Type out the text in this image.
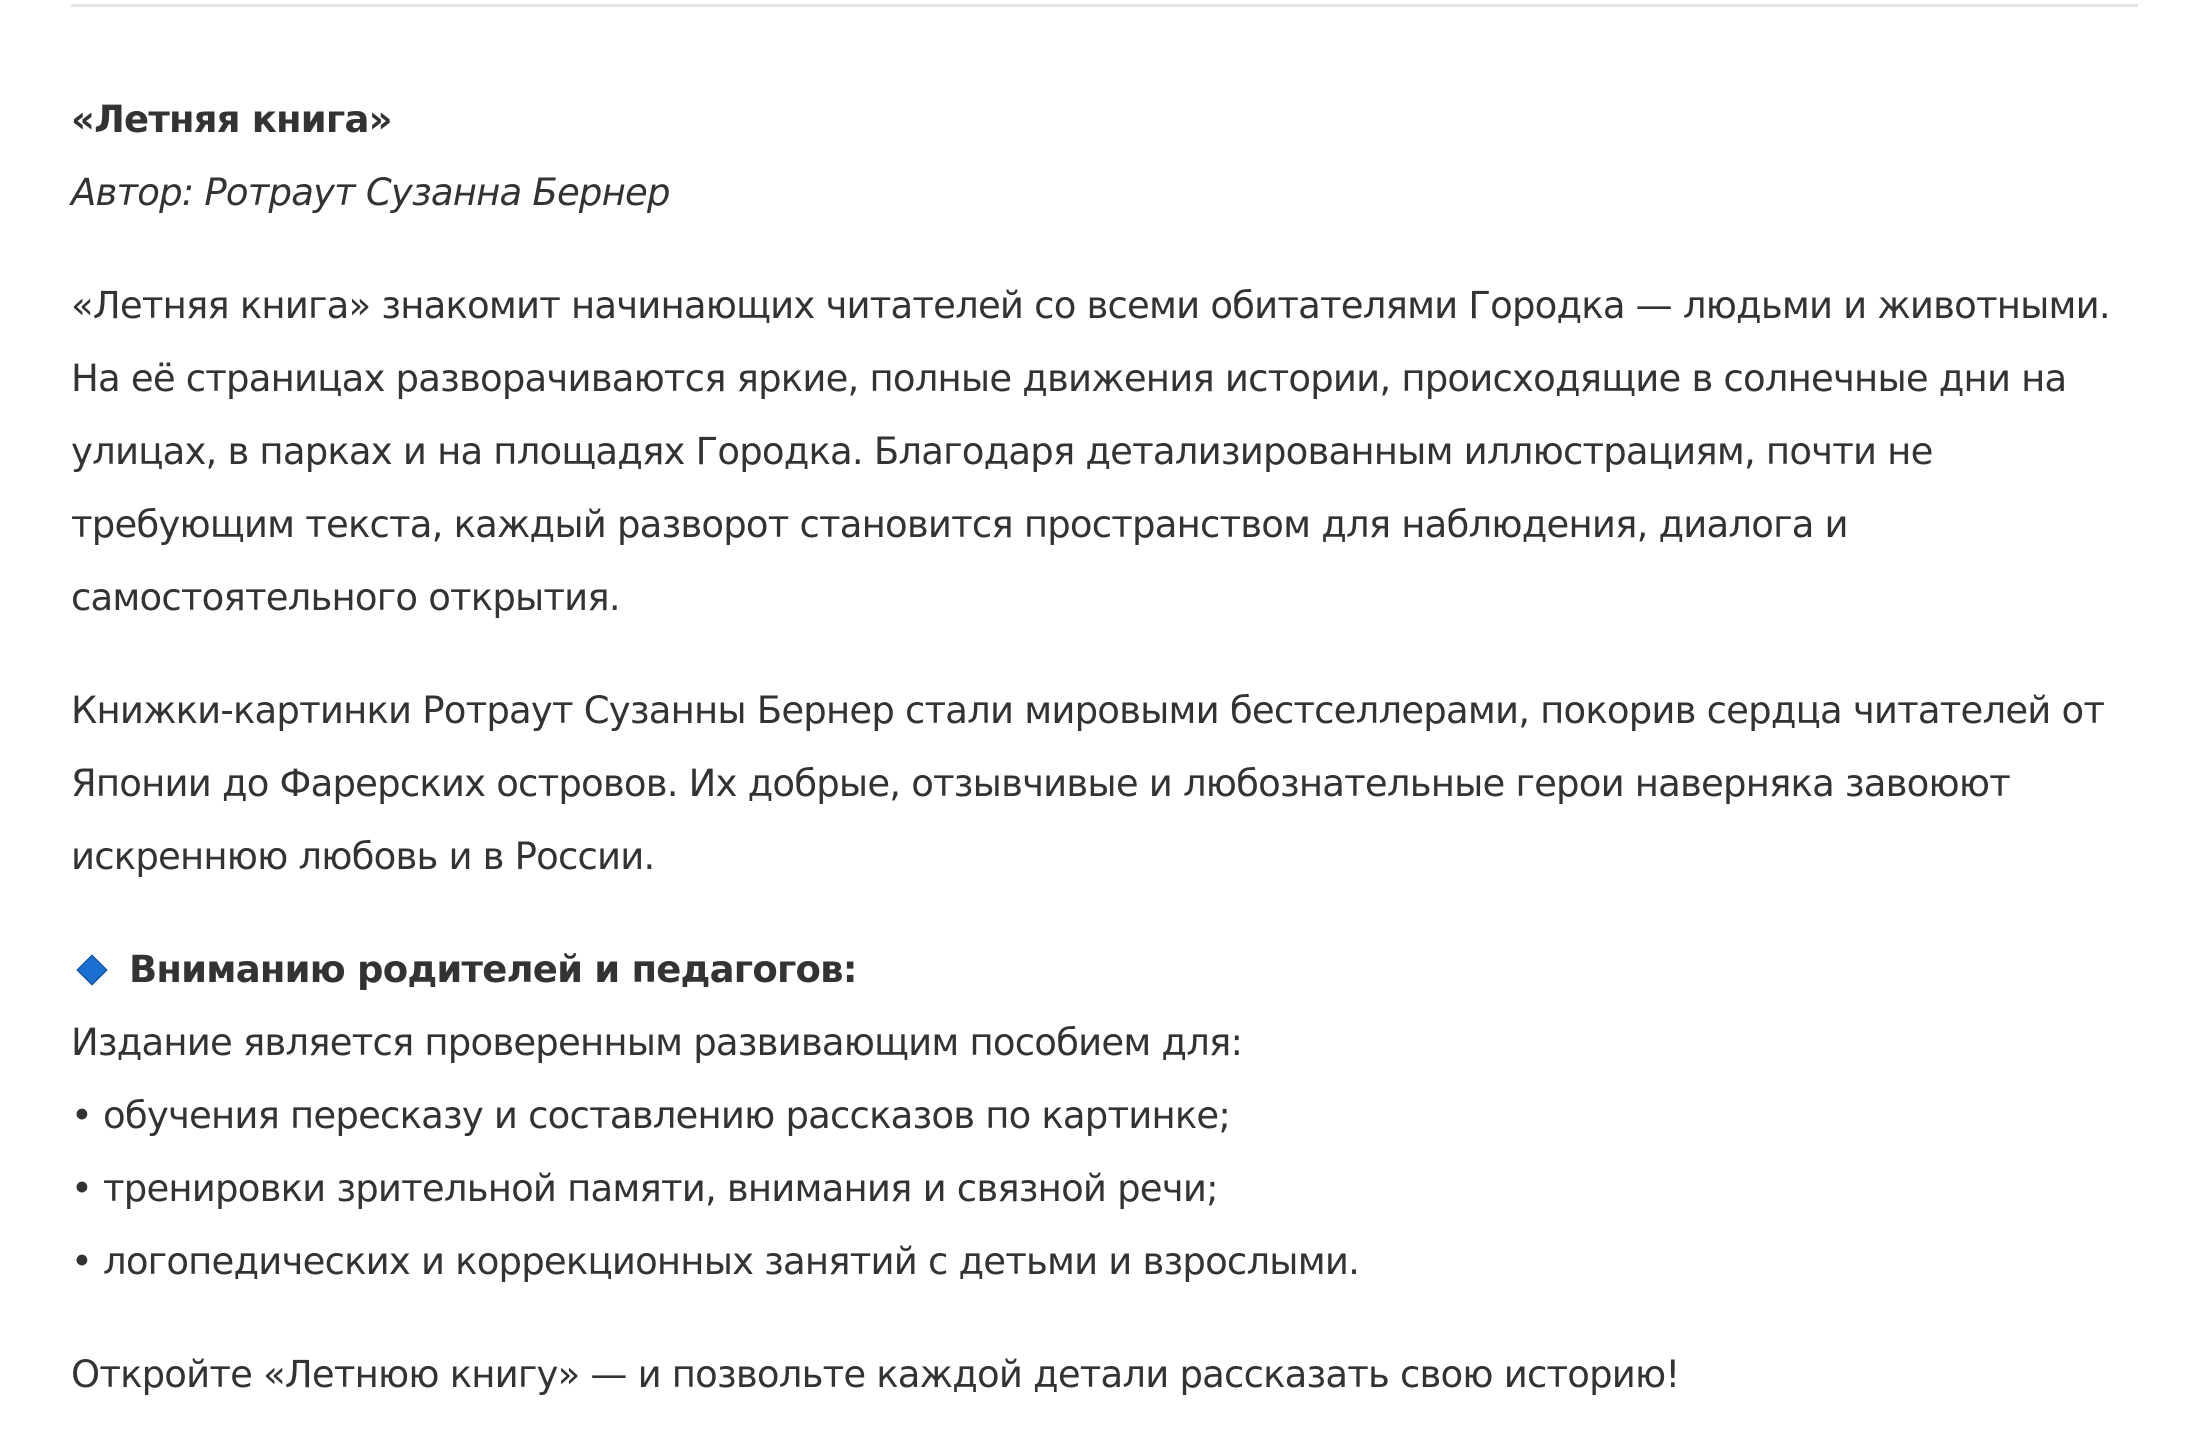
«Летняя книга»

Автор: Ротраут Сузанна Бернер

«Летняя книга» знакомит начинающих читателей со всеми обитателями Городка — людьми и животными.

На её страницах разворачиваются яркие, полные движения истории, происходящие в солнечные дни на

улицах, в парках и на площадях Городка. Благодаря детализированным иллюстрациям, почти не

требующим текста, каждый разворот становится пространством для наблюдения, диалога и

самостоятельного открытия.

Книжки-картинки Ротраут Сузанны Бернер стали мировыми бестселлерами, покорив сердца читателей от

Японии до Фарерских островов. Их добрые, отзывчивые и любознательные герои наверняка завоюют

искреннюю любовь и в России.

Вниманию родителей и педагогов:

Издание является проверенным развивающим пособием для:

• обучения пересказу и составлению рассказов по картинке;
• тренировки зрительной памяти, внимания и связной речи;
• логопедических и коррекционных занятий с детьми и взрослыми.

Откройте «Летнюю книгу» — и позвольте каждой детали рассказать свою историю!
